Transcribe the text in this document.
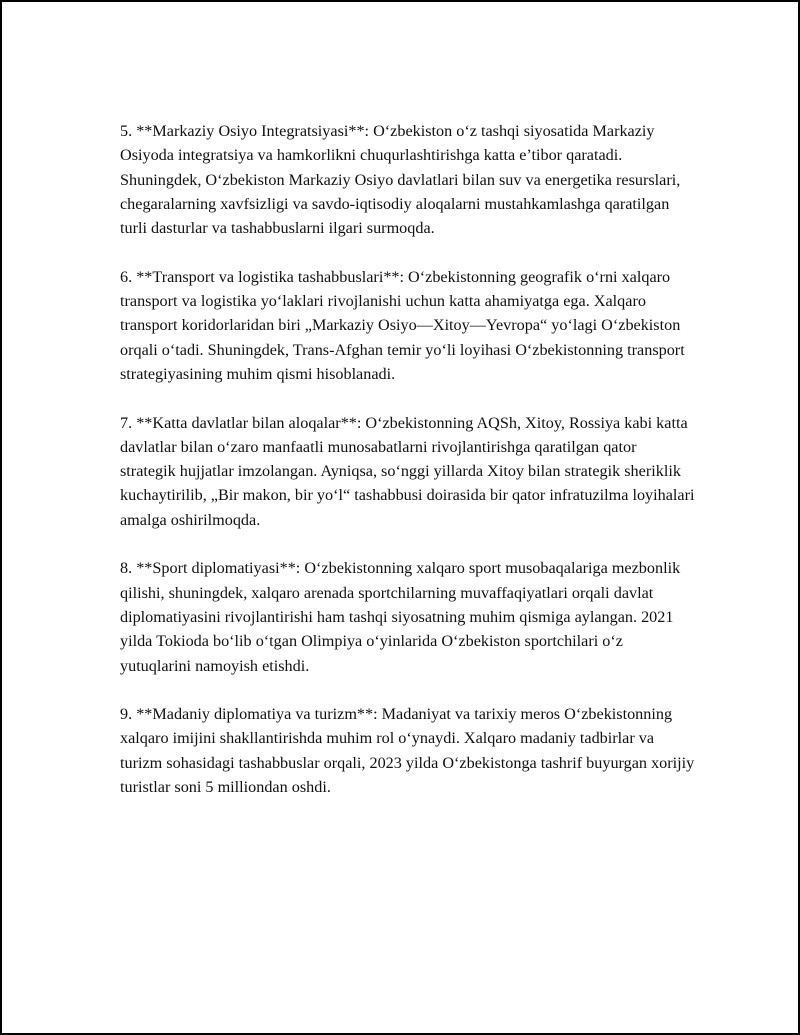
5. **Markaziy Osiyo Integratsiyasi**: O‘zbekiston o‘z tashqi siyosatida Markaziy Osiyoda integratsiya va hamkorlikni chuqurlashtirishga katta e’tibor qaratadi. Shuningdek, O‘zbekiston Markaziy Osiyo davlatlari bilan suv va energetika resurslari, chegaralarning xavfsizligi va savdo-iqtisodiy aloqalarni mustahkamlashga qaratilgan turli dasturlar va tashabbuslarni ilgari surmoqda.

6. **Transport va logistika tashabbuslari**: O‘zbekistonning geografik o‘rni xalqaro transport va logistika yo‘laklari rivojlanishi uchun katta ahamiyatga ega. Xalqaro transport koridorlaridan biri „Markaziy Osiyo—Xitoy—Yevropa“ yo‘lagi O‘zbekiston orqali o‘tadi. Shuningdek, Trans-Afghan temir yo‘li loyihasi O‘zbekistonning transport strategiyasining muhim qismi hisoblanadi.

7. **Katta davlatlar bilan aloqalar**: O‘zbekistonning AQSh, Xitoy, Rossiya kabi katta davlatlar bilan o‘zaro manfaatli munosabatlarni rivojlantirishga qaratilgan qator strategik hujjatlar imzolangan. Ayniqsa, so‘nggi yillarda Xitoy bilan strategik sheriklik kuchaytirilib, „Bir makon, bir yo‘l“ tashabbusi doirasida bir qator infratuzilma loyihalari amalga oshirilmoqda.

8. **Sport diplomatiyasi**: O‘zbekistonning xalqaro sport musobaqalariga mezbonlik qilishi, shuningdek, xalqaro arenada sportchilarning muvaffaqiyatlari orqali davlat diplomatiyasini rivojlantirishi ham tashqi siyosatning muhim qismiga aylangan. 2021 yilda Tokioda bo‘lib o‘tgan Olimpiya o‘yinlarida O‘zbekiston sportchilari o‘z yutuqlarini namoyish etishdi.

9. **Madaniy diplomatiya va turizm**: Madaniyat va tarixiy meros O‘zbekistonning xalqaro imijini shakllantirishda muhim rol o‘ynaydi. Xalqaro madaniy tadbirlar va turizm sohasidagi tashabbuslar orqali, 2023 yilda O‘zbekistonga tashrif buyurgan xorijiy turistlar soni 5 milliondan oshdi.
